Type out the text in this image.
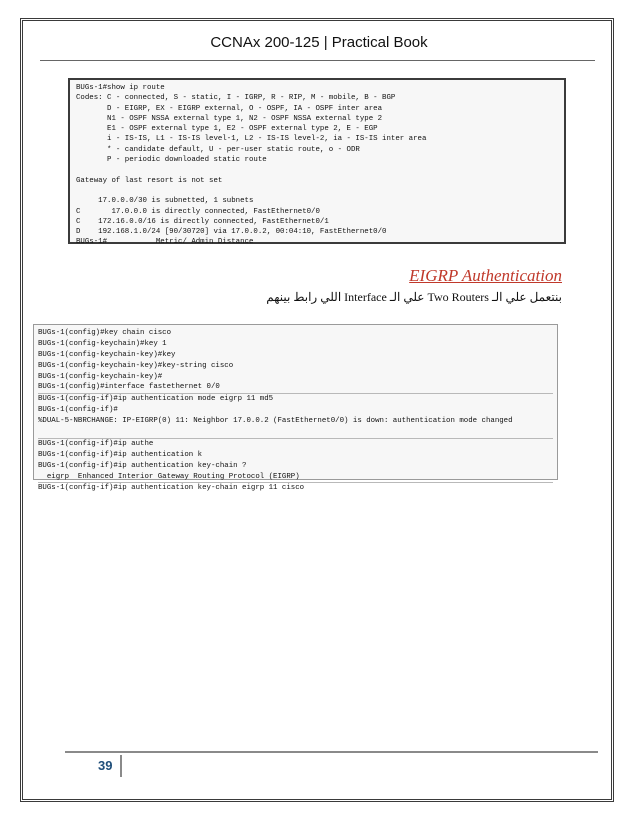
CCNAx 200-125 | Practical Book
BUGs-1#show ip route
Codes: C - connected, S - static, I - IGRP, R - RIP, M - mobile, B - BGP
D - EIGRP, EX - EIGRP external, O - OSPF, IA - OSPF inter area
N1 - OSPF NSSA external type 1, N2 - OSPF NSSA external type 2
E1 - OSPF external type 1, E2 - OSPF external type 2, E - EGP
i - IS-IS, L1 - IS-IS level-1, L2 - IS-IS level-2, ia - IS-IS inter area
* - candidate default, U - per-user static route, o - ODR
P - periodic downloaded static route
Gateway of last resort is not set
17.0.0.0/30 is subnetted, 1 subnets
C       17.0.0.0 is directly connected, FastEthernet0/0
C    172.16.0.0/16 is directly connected, FastEthernet0/1
D    192.168.1.0/24 [90/30720] via 17.0.0.2, 00:04:10, FastEthernet0/0
BUGs-1#           Metric/ Admin Distance
EIGRP Authentication
بنتعمل علي الـ Two Routers علي الـ Interface اللي رابط بينهم
BUGs-1(config)#key chain cisco
BUGs-1(config-keychain)#key 1
BUGs-1(config-keychain-key)#key
BUGs-1(config-keychain-key)#key-string cisco
BUGs-1(config-keychain-key)#
BUGs-1(config)#interface fastethernet 0/0
BUGs-1(config-if)#ip authentication mode eigrp 11 md5
BUGs-1(config-if)#
%DUAL-5-NBRCHANGE: IP-EIGRP(0) 11: Neighbor 17.0.0.2 (FastEthernet0/0) is down: authentication mode changed
BUGs-1(config-if)#ip authe
BUGs-1(config-if)#ip authentication k
BUGs-1(config-if)#ip authentication key-chain ?
eigrp  Enhanced Interior Gateway Routing Protocol (EIGRP)
BUGs-1(config-if)#ip authentication key-chain eigrp 11 cisco
39
